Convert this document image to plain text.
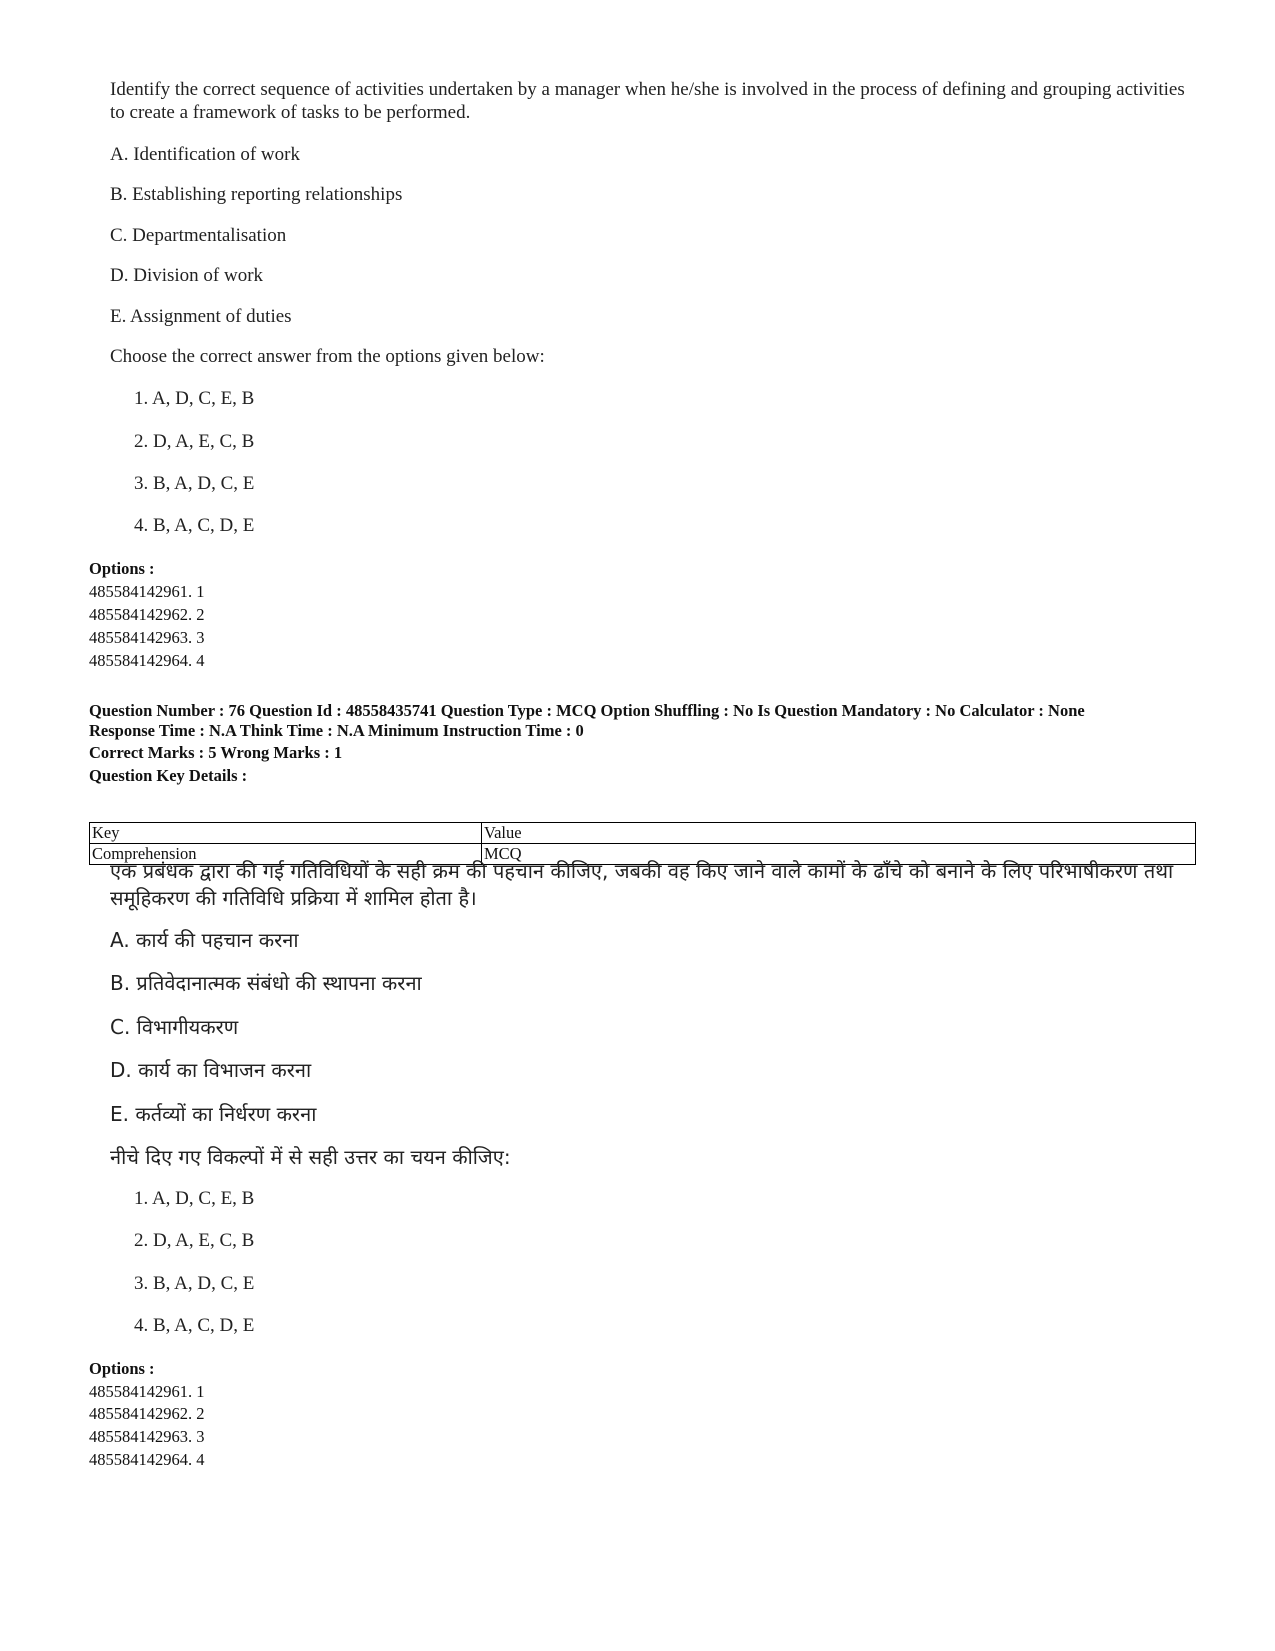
Identify the correct sequence of activities undertaken by a manager when he/she is involved in the process of defining and grouping activities to create a framework of tasks to be performed.
A. Identification of work
B. Establishing reporting relationships
C. Departmentalisation
D. Division of work
E. Assignment of duties
Choose the correct answer from the options given below:
1. A, D, C, E, B
2. D, A, E, C, B
3. B, A, D, C, E
4. B, A, C, D, E
Options :
485584142961. 1
485584142962. 2
485584142963. 3
485584142964. 4
Question Number : 76 Question Id : 48558435741 Question Type : MCQ Option Shuffling : No Is Question Mandatory : No Calculator : None
Response Time : N.A Think Time : N.A Minimum Instruction Time : 0
Correct Marks : 5 Wrong Marks : 1
Question Key Details :
Key	Value
Comprehension	MCQ
एक प्रबंधक द्वारा की गई गतिविधियों के सही क्रम की पहचान कीजिए, जबकी वह किए जाने वाले कामों के ढाँचे को बनाने के लिए परिभाषीकरण तथा समूहिकरण की गतिविधि प्रक्रिया में शामिल होता है।
A. कार्य की पहचान करना
B. प्रतिवेदानात्मक संबंधो की स्थापना करना
C. विभागीयकरण
D. कार्य का विभाजन करना
E. कर्तव्यों का निर्धरण करना
नीचे दिए गए विकल्पों में से सही उत्तर का चयन कीजिए:
1. A, D, C, E, B
2. D, A, E, C, B
3. B, A, D, C, E
4. B, A, C, D, E
Options :
485584142961. 1
485584142962. 2
485584142963. 3
485584142964. 4
